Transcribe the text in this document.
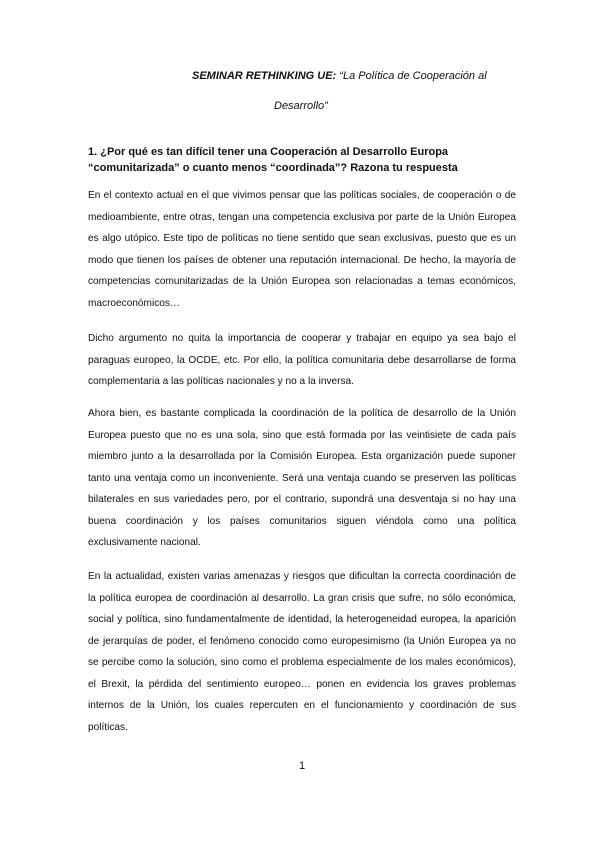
SEMINAR RETHINKING UE: “La Política de Cooperación al
Desarrollo”
1. ¿Por qué es tan difícil tener una Cooperación al Desarrollo Europa “comunitarizada” o cuanto menos “coordinada”? Razona tu respuesta
En el contexto actual en el que vivimos pensar que las políticas sociales, de cooperación o de medioambiente, entre otras, tengan una competencia exclusiva por parte de la Unión Europea es algo utópico. Este tipo de políticas no tiene sentido que sean exclusivas, puesto que es un modo que tienen los países de obtener una reputación internacional. De hecho, la mayoría de competencias comunitarizadas de la Unión Europea son relacionadas a temas económicos, macroeconómicos…
Dicho argumento no quita la importancia de cooperar y trabajar en equipo ya sea bajo el paraguas europeo, la OCDE, etc. Por ello, la política comunitaria debe desarrollarse de forma complementaria a las políticas nacionales y no a la inversa.
Ahora bien, es bastante complicada la coordinación de la política de desarrollo de la Unión Europea puesto que no es una sola, sino que está formada por las veintisiete de cada país miembro junto a la desarrollada por la Comisión Europea. Esta organización puede suponer tanto una ventaja como un inconveniente. Será una ventaja cuando se preserven las políticas bilaterales en sus variedades pero, por el contrario, supondrá una desventaja si no hay una buena coordinación y los países comunitarios siguen viéndola como una política exclusivamente nacional.
En la actualidad, existen varias amenazas y riesgos que dificultan la correcta coordinación de la política europea de coordinación al desarrollo. La gran crisis que sufre, no sólo económica, social y política, sino fundamentalmente de identidad, la heterogeneidad europea, la aparición de jerarquías de poder, el fenómeno conocido como europesimismo (la Unión Europea ya no se percibe como la solución, sino como el problema especialmente de los males económicos), el Brexit, la pérdida del sentimiento europeo… ponen en evidencia los graves problemas internos de la Unión, los cuales repercuten en el funcionamiento y coordinación de sus políticas.
1
